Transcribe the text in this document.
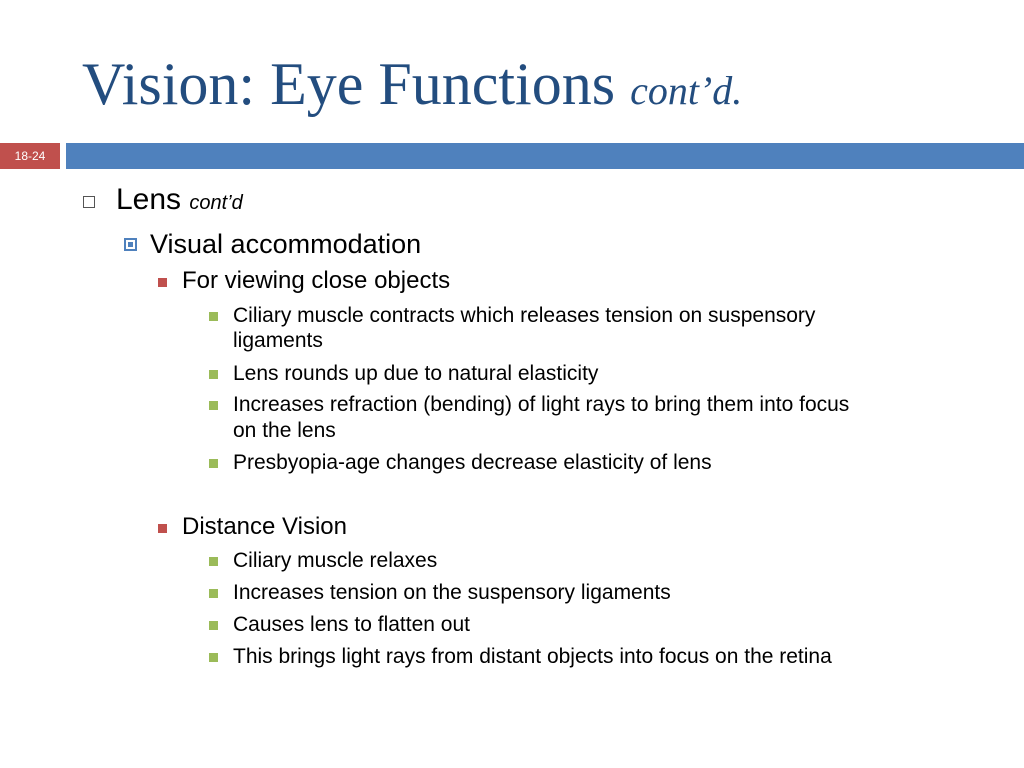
Vision: Eye Functions cont’d.
18-24
Lens cont’d
Visual accommodation
For viewing close objects
Ciliary muscle contracts which releases tension on suspensory
ligaments
Lens rounds up due to natural elasticity
Increases refraction (bending) of light rays to bring them into focus
on the lens
Presbyopia-age changes decrease elasticity of lens
Distance Vision
Ciliary muscle relaxes
Increases tension on the suspensory ligaments
Causes lens to flatten out
This brings light rays from distant objects into focus on the retina
